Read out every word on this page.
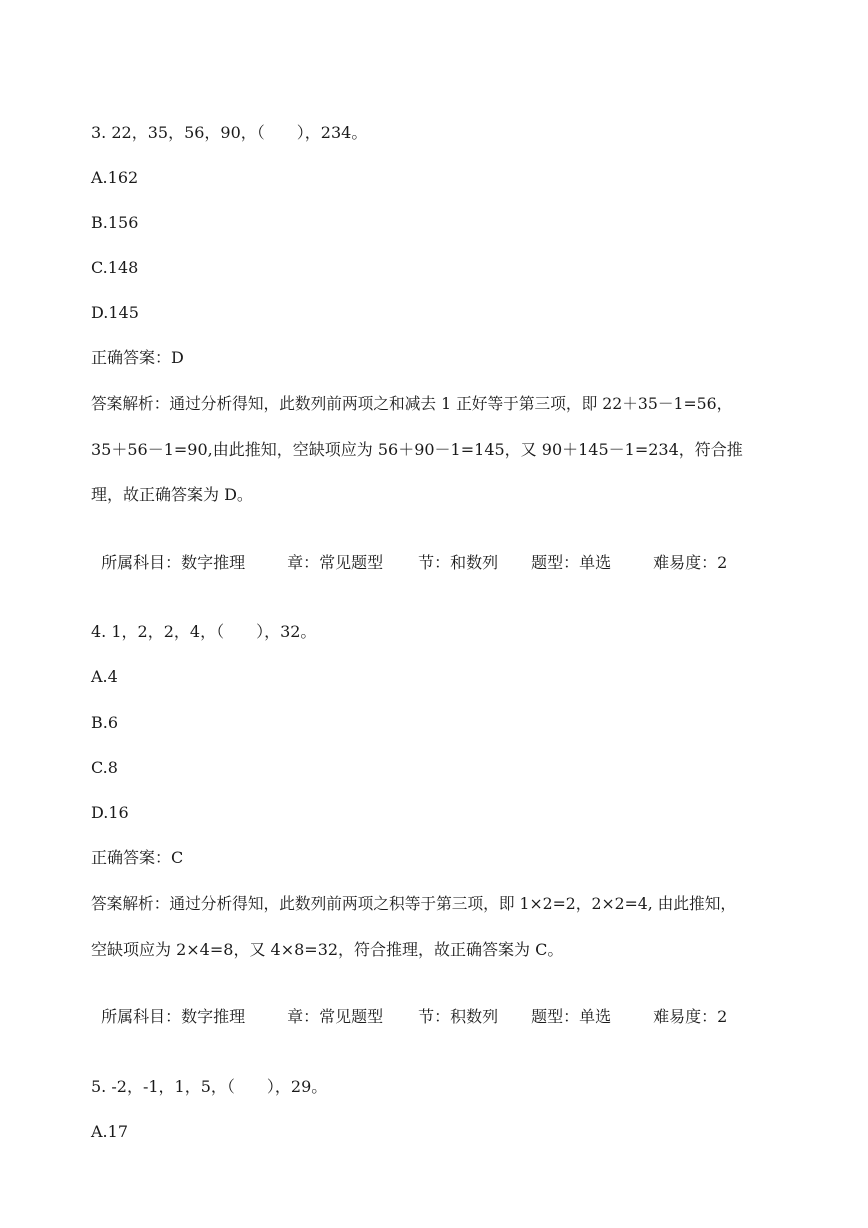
3. 22，35，56，90，（　　），234。
A.162
B.156
C.148
D.145
正确答案：D
答案解析：通过分析得知，此数列前两项之和减去 1 正好等于第三项，即 22＋35－1=56，
35＋56－1=90,由此推知，空缺项应为 56＋90－1=145，又 90＋145－1=234，符合推
理，故正确答案为 D。

所属科目：数字推理	章：常见题型 节：和数列 题型：单选	难易度：2

4. 1，2，2，4，（　　），32。
A.4
B.6
C.8
D.16
正确答案：C
答案解析：通过分析得知，此数列前两项之积等于第三项，即 1×2=2，2×2=4, 由此推知，
空缺项应为 2×4=8，又 4×8=32，符合推理，故正确答案为 C。

所属科目：数字推理	章：常见题型 节：积数列 题型：单选	难易度：2

5. -2，-1，1，5，（　　），29。
A.17
